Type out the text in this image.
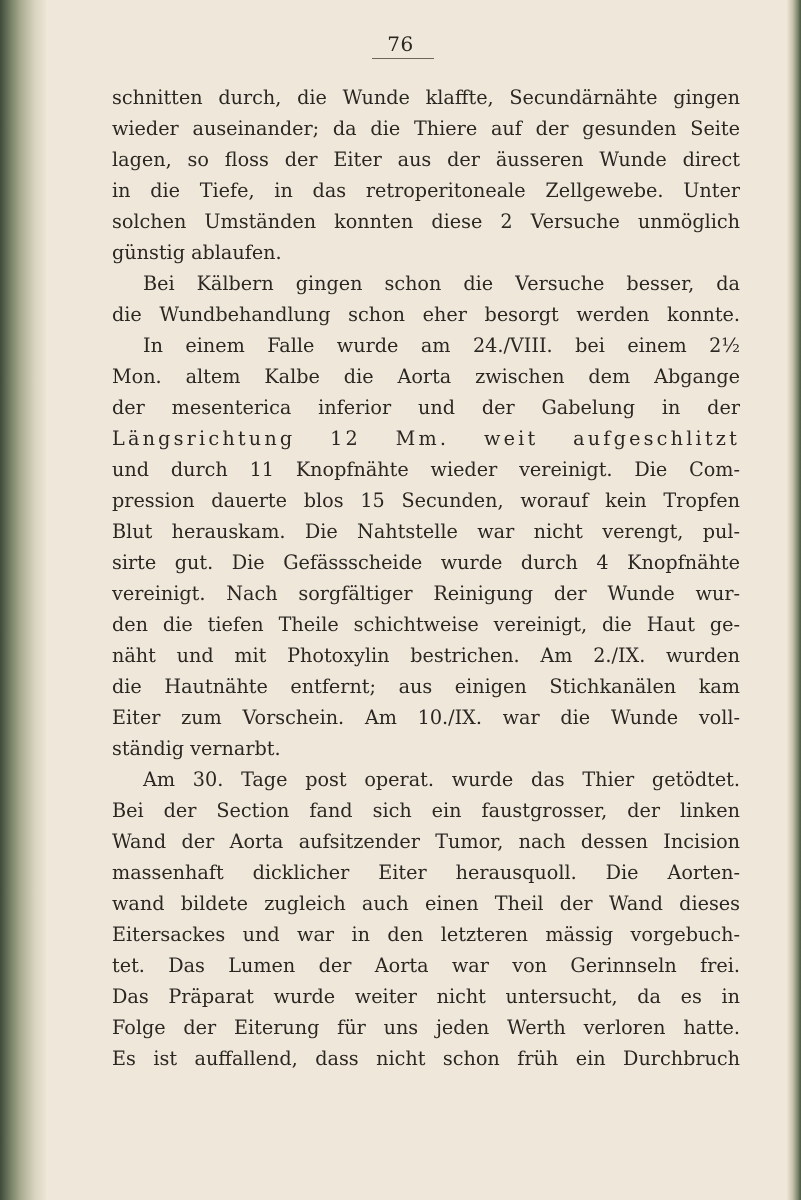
76
schnitten durch, die Wunde klaffte, Secundärnähte gingen
wieder auseinander; da die Thiere auf der gesunden Seite
lagen, so floss der Eiter aus der äusseren Wunde direct
in die Tiefe, in das retroperitoneale Zellgewebe. Unter
solchen Umständen konnten diese 2 Versuche unmöglich
günstig ablaufen.
Bei Kälbern gingen schon die Versuche besser, da
die Wundbehandlung schon eher besorgt werden konnte.
In einem Falle wurde am 24./VIII. bei einem 2½
Mon. altem Kalbe die Aorta zwischen dem Abgange
der mesenterica inferior und der Gabelung in der
Längsrichtung 12 Mm. weit aufgeschlitzt
und durch 11 Knopfnähte wieder vereinigt. Die Com-
pression dauerte blos 15 Secunden, worauf kein Tropfen
Blut herauskam. Die Nahtstelle war nicht verengt, pul-
sirte gut. Die Gefässscheide wurde durch 4 Knopfnähte
vereinigt. Nach sorgfältiger Reinigung der Wunde wur-
den die tiefen Theile schichtweise vereinigt, die Haut ge-
näht und mit Photoxylin bestrichen. Am 2./IX. wurden
die Hautnähte entfernt; aus einigen Stichkanälen kam
Eiter zum Vorschein. Am 10./IX. war die Wunde voll-
ständig vernarbt.
Am 30. Tage post operat. wurde das Thier getödtet.
Bei der Section fand sich ein faustgrosser, der linken
Wand der Aorta aufsitzender Tumor, nach dessen Incision
massenhaft dicklicher Eiter herausquoll. Die Aorten-
wand bildete zugleich auch einen Theil der Wand dieses
Eitersackes und war in den letzteren mässig vorgebuch-
tet. Das Lumen der Aorta war von Gerinnseln frei.
Das Präparat wurde weiter nicht untersucht, da es in
Folge der Eiterung für uns jeden Werth verloren hatte.
Es ist auffallend, dass nicht schon früh ein Durchbruch
